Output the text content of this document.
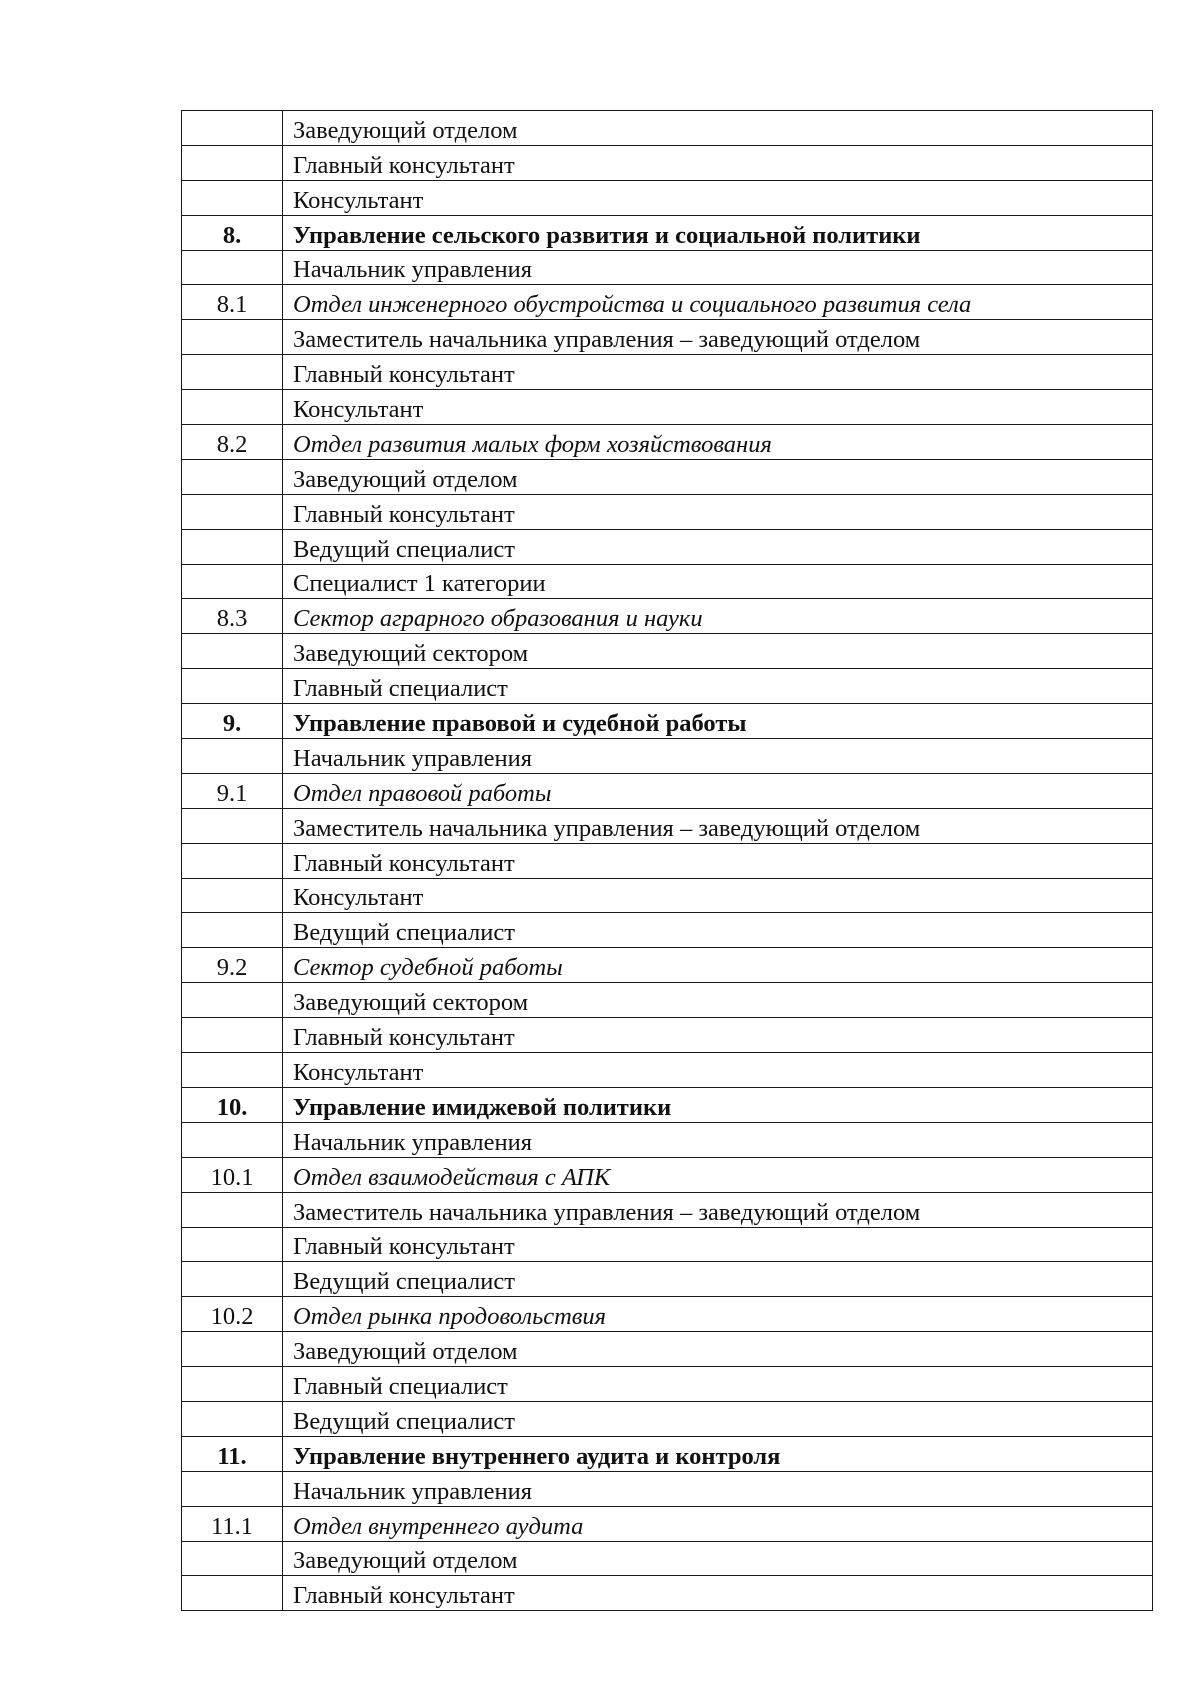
	Заведующий отделом
	Главный консультант
	Консультант
8.	Управление сельского развития и социальной политики
	Начальник управления
8.1	Отдел инженерного обустройства и социального развития села
	Заместитель начальника управления – заведующий отделом
	Главный консультант
	Консультант
8.2	Отдел развития малых форм хозяйствования
	Заведующий отделом
	Главный консультант
	Ведущий специалист
	Специалист 1 категории
8.3	Сектор аграрного образования и науки
	Заведующий сектором
	Главный специалист
9.	Управление правовой и судебной работы
	Начальник управления
9.1	Отдел правовой работы
	Заместитель начальника управления – заведующий отделом
	Главный консультант
	Консультант
	Ведущий специалист
9.2	Сектор судебной работы
	Заведующий сектором
	Главный консультант
	Консультант
10.	Управление имиджевой политики
	Начальник управления
10.1	Отдел взаимодействия с АПК
	Заместитель начальника управления – заведующий отделом
	Главный консультант
	Ведущий специалист
10.2	Отдел рынка продовольствия
	Заведующий отделом
	Главный специалист
	Ведущий специалист
11.	Управление внутреннего аудита и контроля
	Начальник управления
11.1	Отдел внутреннего аудита
	Заведующий отделом
	Главный консультант
